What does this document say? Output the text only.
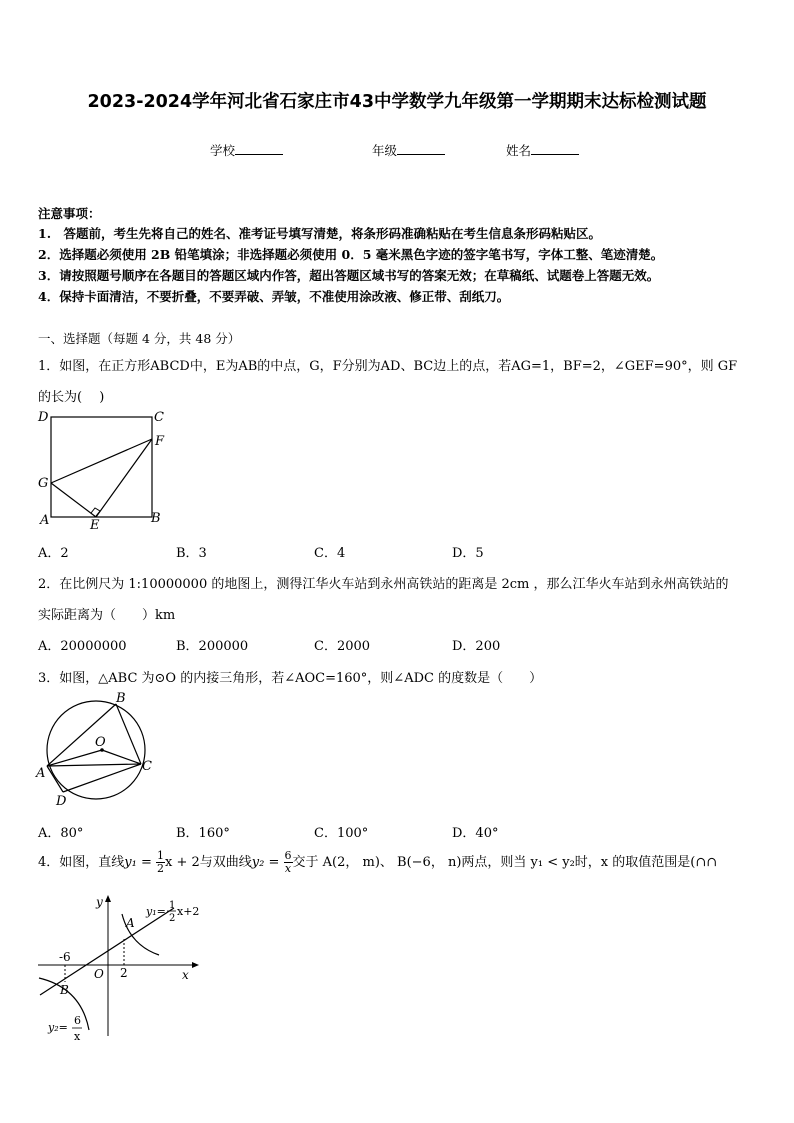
2023-2024学年河北省石家庄市43中学数学九年级第一学期期末达标检测试题
学校	年级	姓名
注意事项：
1.　答题前，考生先将自己的姓名、准考证号填写清楚，将条形码准确粘贴在考生信息条形码粘贴区。
2．选择题必须使用 2B 铅笔填涂；非选择题必须使用 0．5 毫米黑色字迹的签字笔书写，字体工整、笔迹清楚。
3．请按照题号顺序在各题目的答题区域内作答，超出答题区域书写的答案无效；在草稿纸、试题卷上答题无效。
4．保持卡面清洁，不要折叠，不要弄破、弄皱，不准使用涂改液、修正带、刮纸刀。
一、选择题（每题 4 分，共 48 分）
1．如图，在正方形ABCD中，E为AB的中点，G，F分别为AD、BC边上的点，若AG=1，BF=2，∠GEF=90°，则 GF
的长为(　 )
D	C
F
G
A	E	B
A．2	B．3	C．4	D．5
2．在比例尺为 1:10000000 的地图上，测得江华火车站到永州高铁站的距离是 2cm ，那么江华火车站到永州高铁站的
实际距离为（　　）km
A．20000000	B．200000	C．2000	D．200
3．如图，△ABC 为⊙O 的内接三角形，若∠AOC=160°，则∠ADC 的度数是（　　）
B
O
A	C
D
A．80°	B．160°	C．100°	D．40°
4．如图，直线$y_1 = \frac{1}{2}$ x + 2与双曲线$y_2 = \frac{6}{x}$ 交于 A(2， m)、 B(−6， n)两点，则当 y₁ < y₂时，x 的取值范围是(∩∩
y
x
O
A
B
-6
2
y₁= 1
2
x+2
y₂=
6
x
